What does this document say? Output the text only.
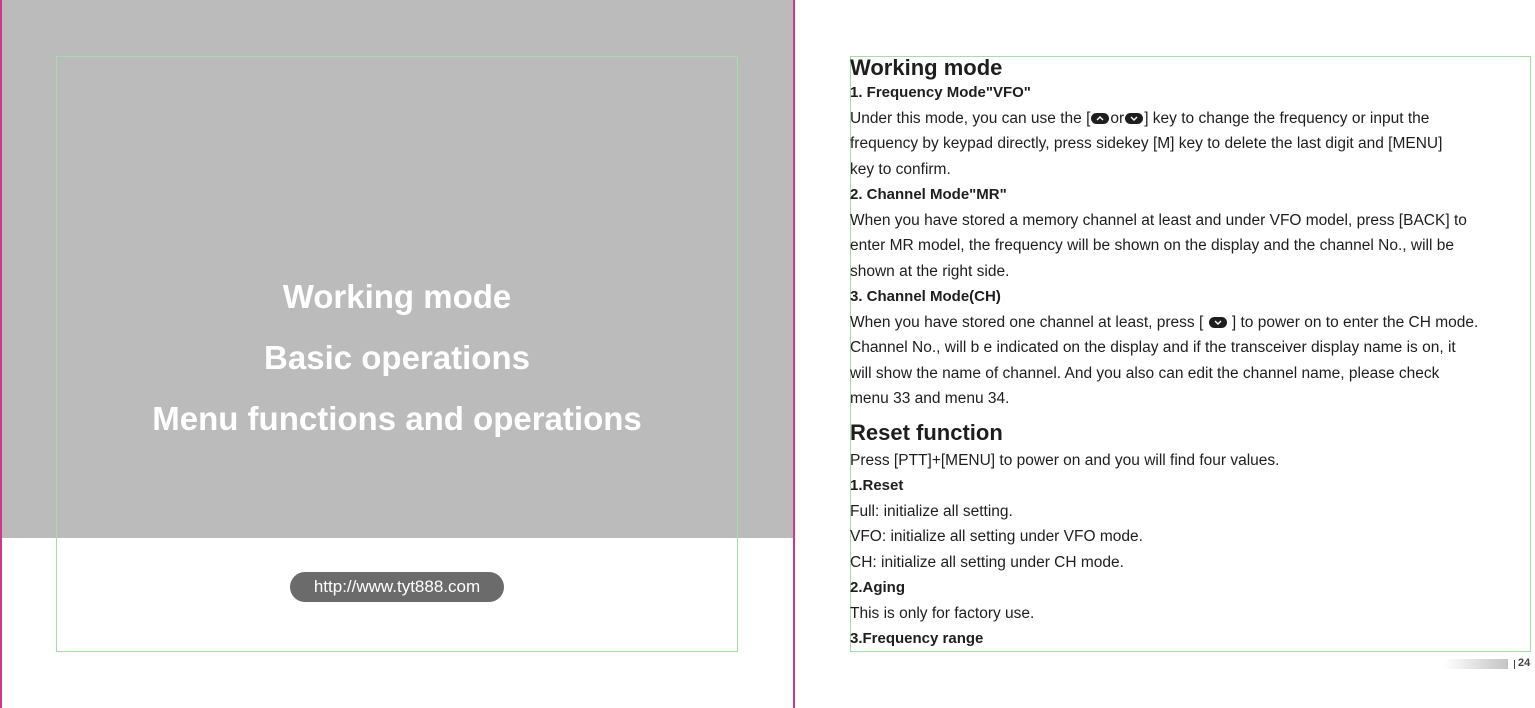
Working mode
Basic operations
Menu functions and operations
http://www.tyt888.com
Working mode
1. Frequency Mode"VFO"
Under this mode, you can use the [ or ] key to change the frequency or input the
frequency by keypad directly, press sidekey [M] key to delete the last digit and [MENU]
key to confirm.
2. Channel Mode"MR"
When you have stored a memory channel at least and under VFO model, press [BACK] to
enter MR model, the frequency will be shown on the display and the channel No., will be
shown at the right side.
3. Channel Mode(CH)
When you have stored one channel at least, press [
] to power on to enter the CH mode.
Channel No., will b e indicated on the display and if the transceiver display name is on, it
will show the name of channel. And you also can edit the channel name, please check
menu 33 and menu 34.
Reset function
Press [PTT]+[MENU] to power on and you will find four values.
1.Reset
Full: initialize all setting.
VFO: initialize all setting under VFO mode.
CH: initialize all setting under CH mode.
2.Aging
This is only for factory use.
3.Frequency range
24
